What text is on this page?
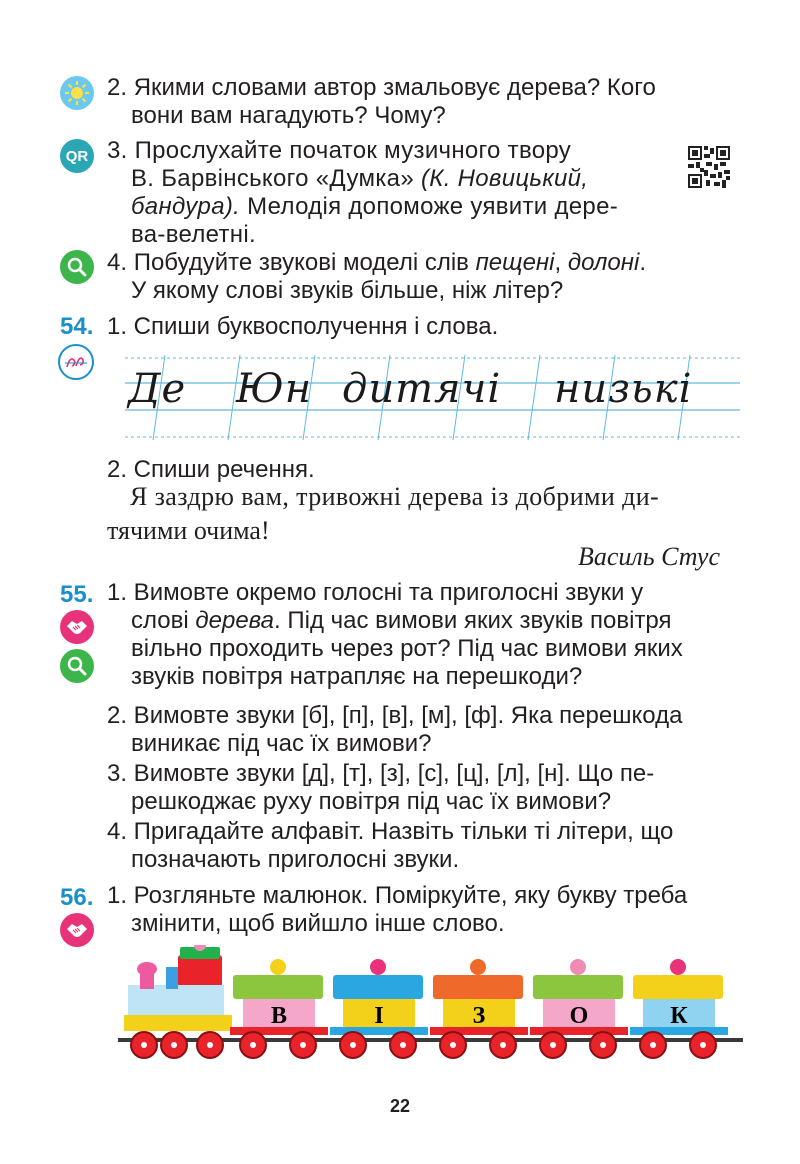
2. Якими словами автор змальовує дерева? Кого
вони вам нагадують? Чому?
QR 3. Прослухайте початок музичного твору
В. Барвінського «Думка» (К. Новицький,
бандура). Мелодія допоможе уявити дере-
ва-велетні.
4. Побудуйте звукові моделі слів пещені, долоні.
У якому слові звуків більше, ніж літер?
54. 1. Спиши буквосполучення і слова.
Де Юн дитячі низькі
2. Спиши речення.
Я заздрю вам, тривожні дерева із добрими ди-
тячими очима!
Василь Стус
55. 1. Вимовте окремо голосні та приголосні звуки у
слові дерева. Під час вимови яких звуків повітря
вільно проходить через рот? Під час вимови яких
звуків повітря натрапляє на перешкоди?
2. Вимовте звуки [б], [п], [в], [м], [ф]. Яка перешкода
виникає під час їх вимови?
3. Вимовте звуки [д], [т], [з], [с], [ц], [л], [н]. Що пе-
решкоджає руху повітря під час їх вимови?
4. Пригадайте алфавіт. Назвіть тільки ті літери, що
позначають приголосні звуки.
56. 1. Розгляньте малюнок. Поміркуйте, яку букву треба
змінити, щоб вийшло інше слово.
В	І	З	О	К
22
